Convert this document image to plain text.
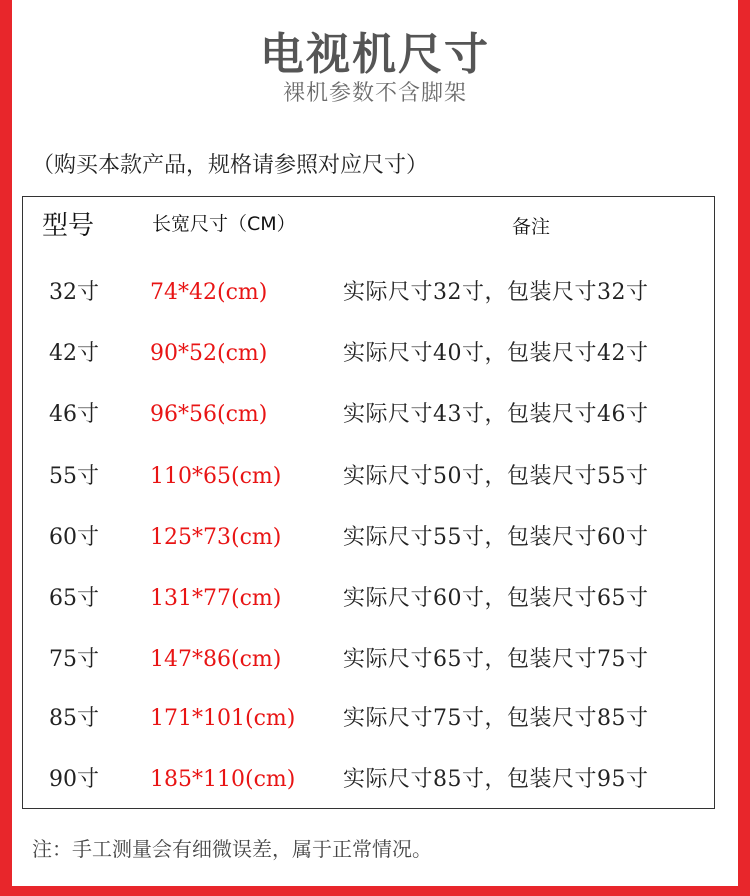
电视机尺寸
裸机参数不含脚架
（购买本款产品，规格请参照对应尺寸）
型号	长宽尺寸（CM）	备注
32寸 74*42(cm)	实际尺寸32寸，包装尺寸32寸
42寸 90*52(cm)	实际尺寸40寸，包装尺寸42寸
46寸 96*56(cm)	实际尺寸43寸，包装尺寸46寸
55寸 110*65(cm)	实际尺寸50寸，包装尺寸55寸
60寸 125*73(cm)	实际尺寸55寸，包装尺寸60寸
65寸 131*77(cm)	实际尺寸60寸，包装尺寸65寸
75寸 147*86(cm)	实际尺寸65寸，包装尺寸75寸
85寸 171*101(cm) 实际尺寸75寸，包装尺寸85寸
90寸 185*110(cm) 实际尺寸85寸，包装尺寸95寸
注：手工测量会有细微误差，属于正常情况。
